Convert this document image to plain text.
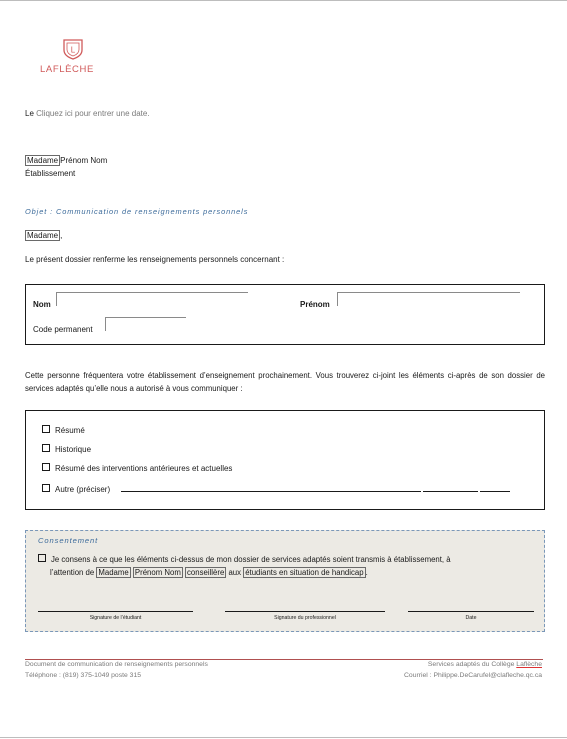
L
LAFLÈCHE
Le Cliquez ici pour entrer une date.
Madame Prénom Nom
Établissement
Objet : Communication de renseignements personnels
Madame ,
Le présent dossier renferme les renseignements personnels concernant :
Nom	Prénom
Code permanent
Cette personne fréquentera votre établissement d’enseignement prochainement. Vous trouverez ci-joint les éléments ci-après de son dossier de services adaptés qu’elle nous a autorisé à vous communiquer :
Résumé
Historique
Résumé des interventions antérieures et actuelles
Autre (préciser)
Consentement
Je consens à ce que les éléments ci-dessus de mon dossier de services adaptés soient transmis à établissement, à
l’attention de Madame Prénom Nom conseillère aux étudiants en situation de handicap .
Signature de l’étudiant	Signature du professionnel	Date
Document de communication de renseignements personnels
Téléphone : (819) 375-1049 poste 315
Services adaptés du Collège Laflèche
Courriel : Philippe.DeCarufel@clafleche.qc.ca
